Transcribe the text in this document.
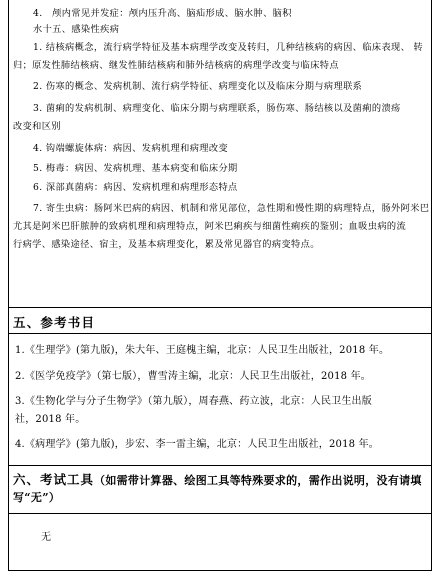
4.　颅内常见并发症：颅内压升高、脑疝形成、脑水肿、脑积
水十五、感染性疾病
1. 结核病概念，流行病学特征及基本病理学改变及转归，几种结核病的病因、临床表现、 转
归；原发性肺结核病、继发性肺结核病和肺外结核病的病理学改变与临床特点
2. 伤寒的概念、发病机制、流行病学特征、病理变化以及临床分期与病理联系
3. 菌痢的发病机制、病理变化、临床分期与病理联系，肠伤寒、肠结核以及菌痢的溃疡
改变和区别
4. 钩端螺旋体病：病因、发病机理和病理改变
5. 梅毒：病因、发病机理、基本病变和临床分期
6. 深部真菌病：病因、发病机理和病理形态特点
7. 寄生虫病：肠阿米巴病的病因、机制和常见部位，急性期和慢性期的病理特点，肠外阿米巴
尤其是阿米巴肝脓肿的致病机理和病理特点，阿米巴痢疾与细菌性痢疾的鉴别；血吸虫病的流
行病学、感染途径、宿主，及基本病理变化，累及常见器官的病变特点。
五、参考书目
1.《生理学》(第九版)，朱大年、王庭槐主编，北京：人民卫生出版社，2018 年。
2.《医学免疫学》（第七版），曹雪涛主编，北京：人民卫生出版社，2018 年。
3.《生物化学与分子生物学》（第九版），周春燕、药立波，北京：人民卫生出版
社，2018 年。
4.《病理学》(第九版)，步宏、李一雷主编，北京：人民卫生出版社，2018 年。
六、考试工具（如需带计算器、绘图工具等特殊要求的，需作出说明，没有请填
写“无”）
无
